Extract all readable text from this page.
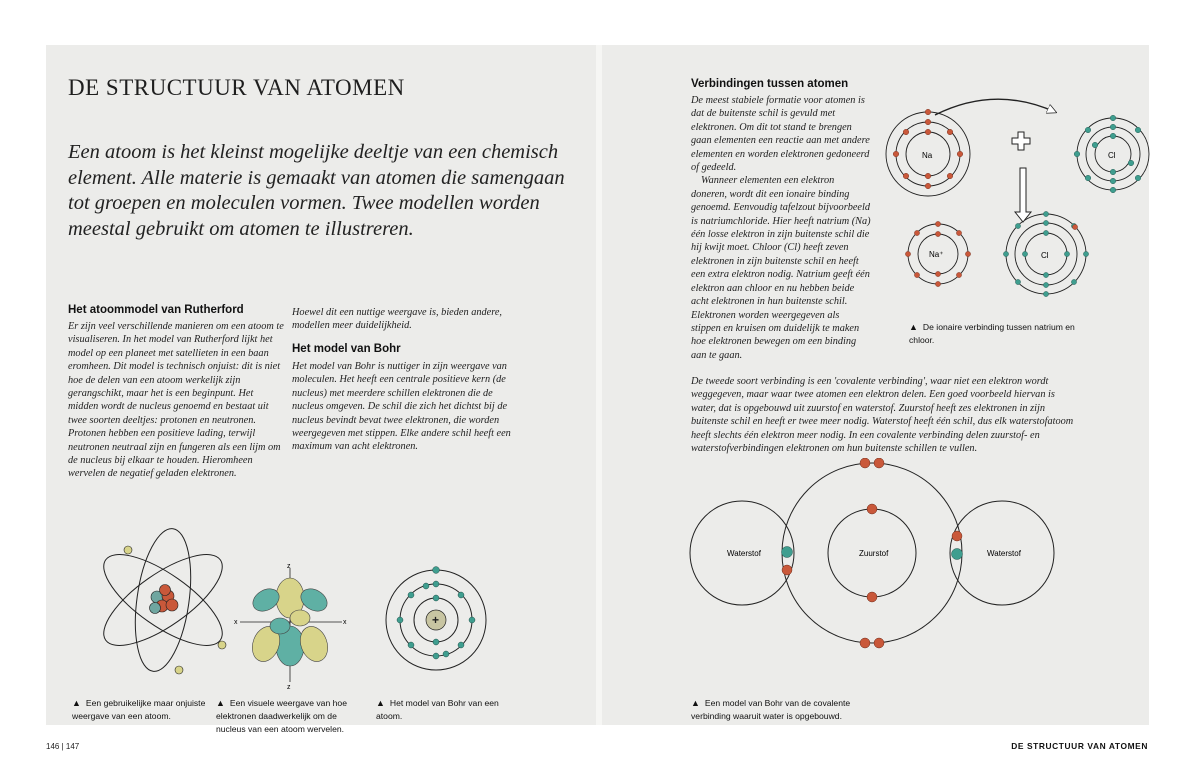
DE STRUCTUUR VAN ATOMEN
Een atoom is het kleinst mogelijke deeltje van een chemisch element. Alle materie is gemaakt van atomen die samengaan tot groepen en moleculen vormen. Twee modellen worden meestal gebruikt om atomen te illustreren.
Het atoommodel van Rutherford

Er zijn veel verschillende manieren om een atoom te visualiseren. In het model van Rutherford lijkt het model op een planeet met satellieten in een baan eromheen. Dit model is technisch onjuist: dit is niet hoe de delen van een atoom werkelijk zijn gerangschikt, maar het is een beginpunt. Het midden wordt de nucleus genoemd en bestaat uit twee soorten deeltjes: protonen en neutronen. Protonen hebben een positieve lading, terwijl neutronen neutraal zijn en fungeren als een lijm om de nucleus bij elkaar te houden. Hieromheen wervelen de negatief geladen elektronen.

Hoewel dit een nuttige weergave is, bieden andere, modellen meer duidelijkheid.

Het model van Bohr

Het model van Bohr is nuttiger in zijn weergave van moleculen. Het heeft een centrale positieve kern (de nucleus) met meerdere schillen elektronen die de nucleus omgeven. De schil die zich het dichtst bij de nucleus bevindt bevat twee elektronen, die worden weergegeven met stippen. Elke andere schil heeft een maximum van acht elektronen.

z
z
x	x	+
▲ Een gebruikelijke maar onjuiste weergave van een atoom.
▲ Een visuele weergave van hoe elektronen daadwerkelijk om de nucleus van een atoom wervelen.
▲ Het model van Bohr van een atoom.
Verbindingen tussen atomen

De meest stabiele formatie voor atomen is dat de buitenste schil is gevuld met elektronen. Om dit tot stand te brengen gaan elementen een reactie aan met andere elementen en worden elektronen gedoneerd of gedeeld.

Wanneer elementen een elektron doneren, wordt dit een ionaire binding genoemd. Eenvoudig tafelzout bijvoorbeeld is natriumchloride. Hier heeft natrium (Na) één losse elektron in zijn buitenste schil die hij kwijt moet. Chloor (Cl) heeft zeven elektronen in zijn buitenste schil en heeft een extra elektron nodig. Natrium geeft één elektron aan chloor en nu hebben beide acht elektronen in hun buitenste schil. Elektronen worden weergegeven als stippen en kruisen om duidelijk te maken hoe elektronen bewegen om een binding aan te gaan.

Na	Cl
Na⁺	Cl
▲ De ionaire verbinding tussen natrium en chloor.

De tweede soort verbinding is een 'covalente verbinding', waar niet een elektron wordt weggegeven, maar waar twee atomen een elektron delen. Een goed voorbeeld hiervan is water, dat is opgebouwd uit zuurstof en waterstof. Zuurstof heeft zes elektronen in zijn buitenste schil en heeft er twee meer nodig. Waterstof heeft één schil, dus elk waterstofatoom heeft slechts één elektron meer nodig. In een covalente verbinding delen zuurstof- en waterstofverbindingen elektronen om hun buitenste schillen te vullen.

Waterstof	Zuurstof	Waterstof
▲ Een model van Bohr van de covalente verbinding waaruit water is opgebouwd.
146 | 147	DE STRUCTUUR VAN ATOMEN
